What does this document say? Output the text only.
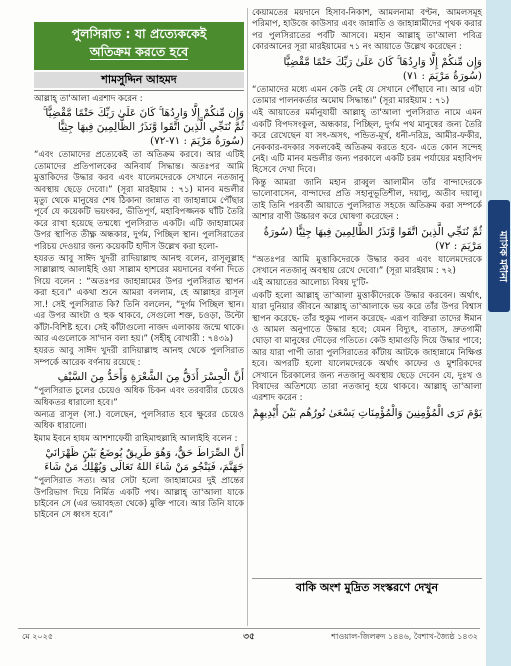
মাসিক মদীনা
পুলসিরাত : যা প্রত্যেককেই
অতিক্রম করতে হবে
শামসুদ্দিন আহমদ

আল্লাহ্ তা'আলা এরশাদ করেন :

وَإِن مِّنكُمْ إِلَّا وَارِدُهَا ۚ كَانَ عَلَىٰ رَبِّكَ حَتْمًا مَّقْضِيًّا ۚ ثُمَّ نُنَجِّي الَّذِينَ اتَّقَوا وَّنَذَرُ الظَّالِمِينَ فِيهَا جِثِيًّا (سُورَةُ مَرْيَمَ : ٧١-٧٢)

“এবং তোমাদের প্রত্যেকেই তা অতিক্রম করবে। আর এটিই তোমাদের প্রতিপালকের অনিবার্য সিদ্ধান্ত। অতঃপর আমি মুত্তাকিদের উদ্ধার করব এবং যালেমদেরকে সেখানে নতজানু অবস্থায় ছেড়ে দেবো।” (সূরা মারইয়াম : ৭১) মানব মন্ডলীর মৃত্যু থেকে মানুষের শেষ ঠিকানা জান্নাত বা জাহান্নামে পৌঁছার পূর্বে যে কয়েকটি ভয়ংকর, ভীতিপূর্ণ, মহাবিপজ্জনক ঘাঁটি তৈরি করে রাখা হয়েছে তন্মধ্যে পুলসিরাত একটি। এটি জাহান্নামের উপর স্থাপিত তীক্ষ্ণ অন্ধকার, দুর্গম, পিচ্ছিল স্থান। পুলসিরাতের পরিচয় দেওয়ার জন্য কয়েকটি হাদীস উল্লেখ করা হলো-

হযরত আবু সাঈদ খুদরী রাদিয়াল্লাহু আনহু বলেন, রাসূলুল্লাহ সাল্লাল্লাহু আলাইহি ওয়া সাল্লাম হাশরের ময়দানের বর্ণনা দিতে গিয়ে বলেন : “অতঃপর জাহান্নামের উপর পুলসিরাত স্থাপন করা হবে।” একথা শুনে আমরা বললাম, হে আল্লাহর রাসূল সা.! সেই পুলসিরাত কি? তিনি বললেন, “দুর্গম পিচ্ছিল স্থান। এর উপর আংটা ও হুক থাকবে, সেগুলো শক্ত, চওড়া, উল্টো কাঁটা-বিশিষ্ট হবে। সেই কাঁটাগুলো নাজদ এলাকায় জন্মে থাকে। আর এগুলোকে সা'দান বলা হয়।” (সহীহ্ বোখারী : ৭৪৩৯)

হযরত আবু সাঈদ খুদরী রাদিয়াল্লাহু আনহু থেকে পুলসিরাত সম্পর্কে আরেক বর্ণনায় রয়েছে :

أَنَّ الْجِسْرَ أَدَقُّ مِنَ الشَّعْرَةِ وَأَحَدُّ مِنَ السَّيْفِ

“পুলসিরাত চুলের চেয়েও অধিক চিকন এবং তরবারীর চেয়েও অধিকতর ধারালো হবে।”

অন্যত্র রাসূল (সা.) বলেছেন, পুলসিরাত হবে ক্ষুরের চেয়েও অধিক ধারালো।

ইমাম ইবনে হাযম আশশাফেয়ী রাহিমাহুল্লাহি আলাইহি বলেন :

أَنَّ الصِّرَاطَ حَقٌّ، وَهُوَ طَرِيقٌ يُوضَعُ بَيْنَ ظَهْرَانَيْ جَهَنَّمَ، فَيَنْجُو مَنْ شَاءَ اللهُ تَعَالَى وَيُهْلِكُ مَنْ شَاءَ

“পুলসিরাত সত্য। আর সেটা হলো জাহান্নামের দুই প্রান্তের উপরিভাগ দিয়ে নির্মিত একটি পথ। আল্লাহ্ তা'আলা যাকে চাইবেন সে (এর ভয়াবহতা থেকে) মুক্তি পাবে। আর তিনি যাকে চাইবেন সে ধ্বংস হবে।”

কেয়ামতের ময়দানে হিসাব-নিকাশ, আমলনামা বণ্টন, আমলসমূহ পরিমাপ, হাউজে কাউসার এবং জান্নাতি ও জাহান্নামীদের পৃথক করার পর পুলসিরাতের পর্বটি আসবে। মহান আল্লাহ্ তা'আলা পবিত্র কোরআনের সূরা মারইয়ামের ৭১ নং আয়াতে উল্লেখ করেছেন :

وَإِن مِّنكُمْ إِلَّا وَارِدُهَا ۚ كَانَ عَلَىٰ رَبِّكَ حَتْمًا مَّقْضِيًّا (سُورَةُ مَرْيَمَ : ٧١)

“তোমাদের মধ্যে এমন কেউ নেই যে সেখানে পৌঁছাবে না। আর এটা তোমার পালনকর্তার অমোঘ সিদ্ধান্ত।” (সূরা মারইয়াম : ৭১)

এই আয়াতের মর্মানুযায়ী আল্লাহ্ তা'আলা পুলসিরাত নামে এমন একটি বিপদসংকুল, অন্ধকার, পিচ্ছিল, দুর্গম পথ মানুষের জন্য তৈরি করে রেখেছেন যা সৎ-অসৎ, পন্ডিত-মূর্খ, ধনী-দরিদ্র, আমীর-ফকীর, নেককার-বদকার সকলকেই অতিক্রম করতে হবে- এতে কোন সন্দেহ নেই। এটি মানব মন্ডলীর জন্য পরকালে একটি চরম পর্যায়ের মহাবিপদ হিসেবে দেখা দিবে।

কিন্তু আমরা জানি মহান রাব্বুল আলামীন তাঁর বান্দাদেরকে ভালোবাসেন, বান্দাদের প্রতি সহানুভূতিশীল, দয়ালু, অতীব দয়ালু। তাই তিনি পরবর্তী আয়াতে পুলসিরাত সহজে অতিক্রম করা সম্পর্কে আশার বাণী উচ্চারণ করে ঘোষণা করেছেন :

ثُمَّ نُنَجِّي الَّذِينَ اتَّقَوا وَّنَذَرُ الظَّالِمِينَ فِيهَا جِثِيًّا (سُورَةُ مَرْيَمَ : ٧٢)

“অতঃপর আমি মুত্তাকিদেরকে উদ্ধার করব এবং যালেমদেরকে সেখানে নতজানু অবস্থায় রেখে দেবো।” (সূরা মারইয়াম : ৭২)

এই আয়াতের আলোচ্য বিষয় দু'টি-

একটি হলো আল্লাহ্ তা'আলা মুত্তাকীদেরকে উদ্ধার করবেন। অর্থাৎ, যারা দুনিয়ার জীবনে আল্লাহ্ তা'আলাকে ভয় করে তাঁর উপর বিশ্বাস স্থাপন করেছে- তাঁর হুকুম পালন করেছে- এরূপ ব্যক্তিরা তাদের ঈমান ও আমল অনুপাতে উদ্ধার হবে; যেমন বিদ্যুৎ, বাতাস, দ্রুতগামী ঘোড়া বা মানুষের দৌড়ের গতিতে। কেউ হামাগুড়ি দিয়ে উদ্ধার পাবে; আর যারা পাপী তারা পুলসিরাতের কাঁটায় আটকে জাহান্নামে নিক্ষিপ্ত হবে। অপরটি হলো যালেমদেরকে অর্থাৎ কাফের ও মুশরিকদের সেখানে চিরকালের জন্য নতজানু অবস্থায় ছেড়ে দেবেন যে, দুঃখ ও বিষাদের অতিশয্যে তারা নতজানু হয়ে থাকবে। আল্লাহ্ তা'আলা এরশাদ করেন :

يَوْمَ تَرَى الْمُؤْمِنِينَ وَالْمُؤْمِنَاتِ يَسْعَىٰ نُورُهُم بَيْنَ أَيْدِيهِمْ

বাকি অংশ মুদ্রিত সংস্করণে দেখুন
মে ২০২৫	৩৫	শাওয়াল-জিলক্বদ ১৪৪৬, বৈশাখ-জ্যৈষ্ঠ ১৪৩২
